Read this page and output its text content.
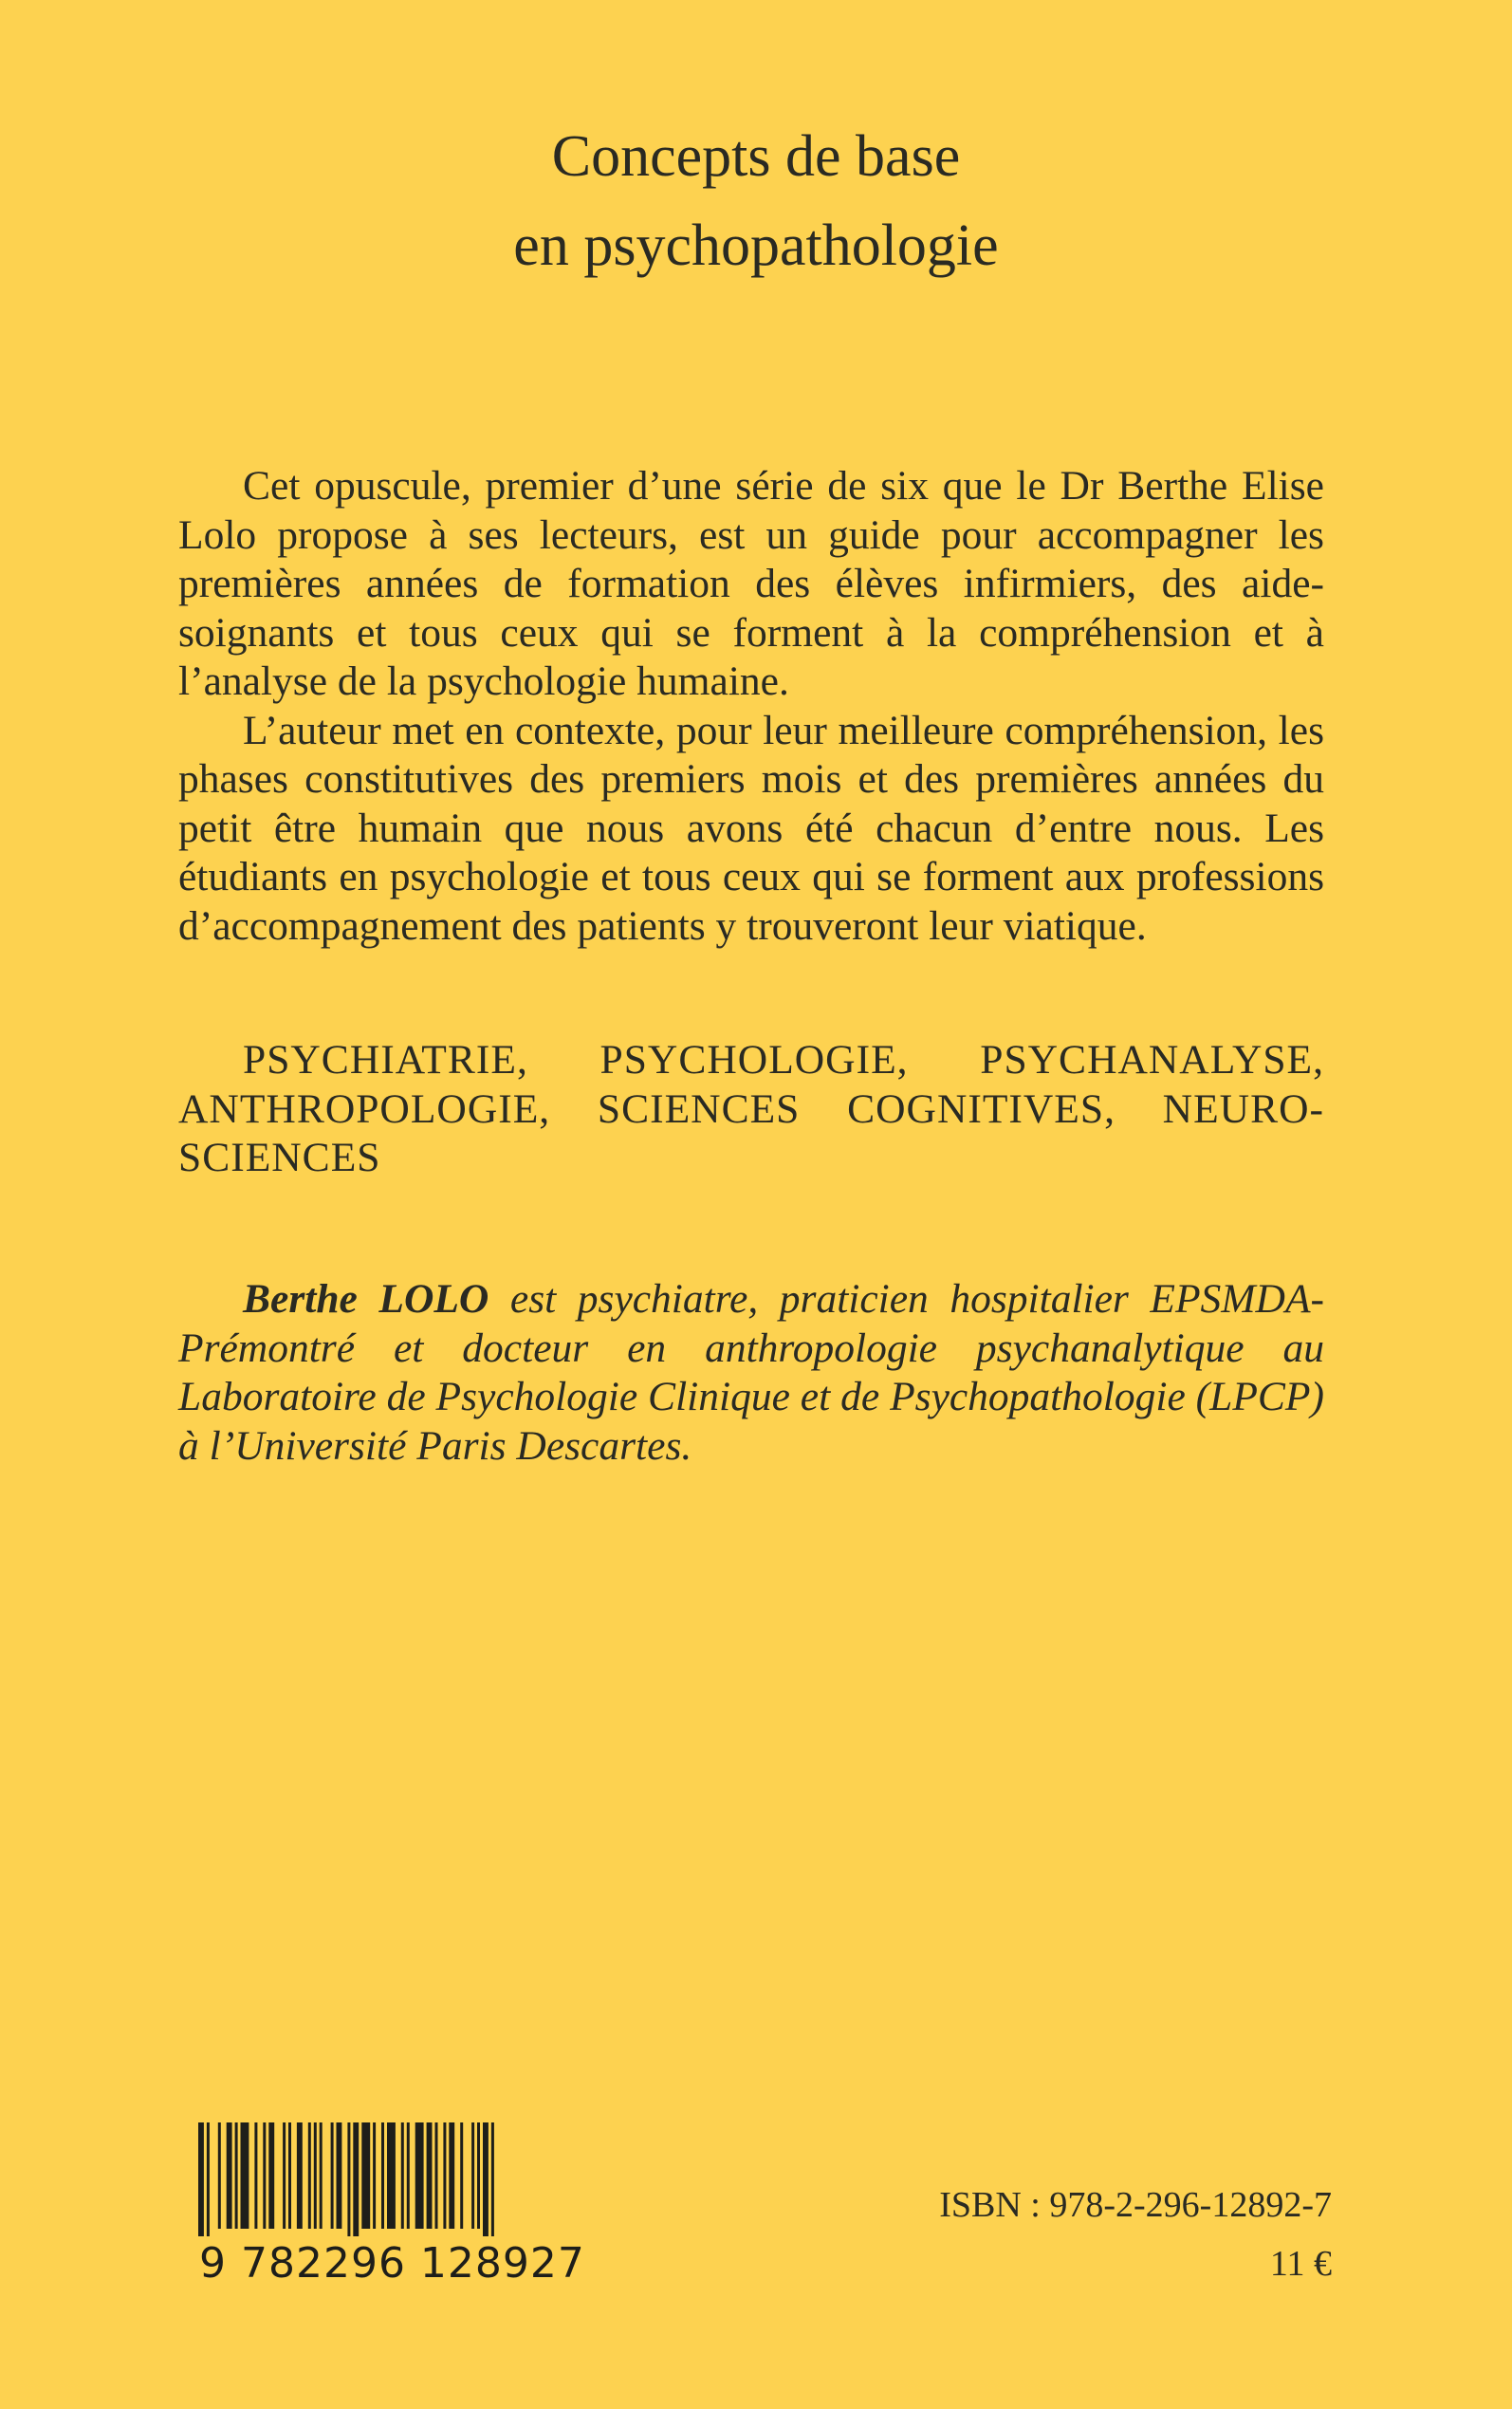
Concepts de base
en psychopathologie

Cet opuscule, premier d’une série de six que le Dr Berthe Elise Lolo propose à ses lecteurs, est un guide pour accompagner les premières années de formation des élèves infirmiers, des aide-soignants et tous ceux qui se forment à la compréhension et à l’analyse de la psychologie humaine.

L’auteur met en contexte, pour leur meilleure compréhension, les phases constitutives des premiers mois et des premières années du petit être humain que nous avons été chacun d’entre nous. Les étudiants en psychologie et tous ceux qui se forment aux professions d’accompagnement des patients y trouveront leur viatique.

PSYCHIATRIE, PSYCHOLOGIE, PSYCHANALYSE, ANTHROPOLOGIE, SCIENCES COGNITIVES, NEURO-SCIENCES
Berthe LOLO est psychiatre, praticien hospitalier EPSMDA-Prémontré et docteur en anthropologie psychanalytique au Laboratoire de Psychologie Clinique et de Psychopathologie (LPCP) à l’Université Paris Descartes.
9 782296 128927
ISBN : 978-2-296-12892-7
11 €
